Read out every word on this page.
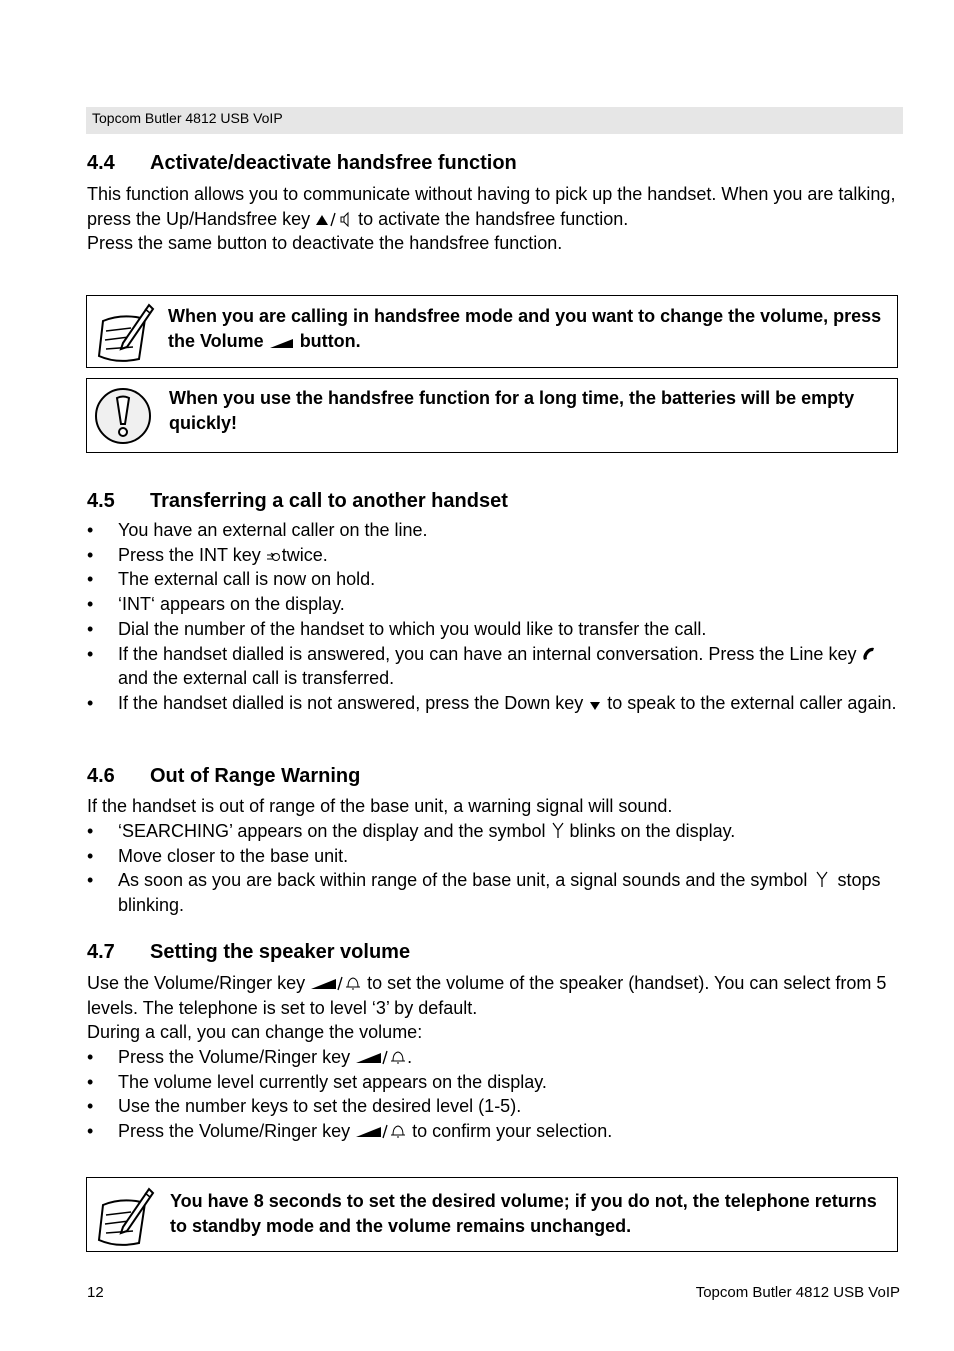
Topcom Butler 4812 USB VoIP
4.4 Activate/deactivate handsfree function
This function allows you to communicate without having to pick up the handset. When you are talking, press the Up/Handsfree key  to activate the handsfree function.
Press the same button to deactivate the handsfree function.
When you are calling in handsfree mode and you want to change the volume, press the Volume  button.
When you use the handsfree function for a long time, the batteries will be empty quickly!
4.5 Transferring a call to another handset
• You have an external caller on the line.
• Press the INT key twice.
• The external call is now on hold.
• ‘INT‘ appears on the display.
• Dial the number of the handset to which you would like to transfer the call.
• If the handset dialled is answered, you can have an internal conversation. Press the Line key  and the external call is transferred.
• If the handset dialled is not answered, press the Down key  to speak to the external caller again.
4.6 Out of Range Warning
If the handset is out of range of the base unit, a warning signal will sound.
• ‘SEARCHING’ appears on the display and the symbol  blinks on the display.
• Move closer to the base unit.
• As soon as you are back within range of the base unit, a signal sounds and the symbol  stops blinking.
4.7 Setting the speaker volume
Use the Volume/Ringer key	to set the volume of the speaker (handset). You can select from 5 levels. The telephone is set to level ‘3’ by default.
During a call, you can change the volume:
• Press the Volume/Ringer key	.
• The volume level currently set appears on the display.
• Use the number keys to set the desired level (1-5).
• Press the Volume/Ringer key	to confirm your selection.
You have 8 seconds to set the desired volume; if you do not, the telephone returns to standby mode and the volume remains unchanged.
12	Topcom Butler 4812 USB VoIP
